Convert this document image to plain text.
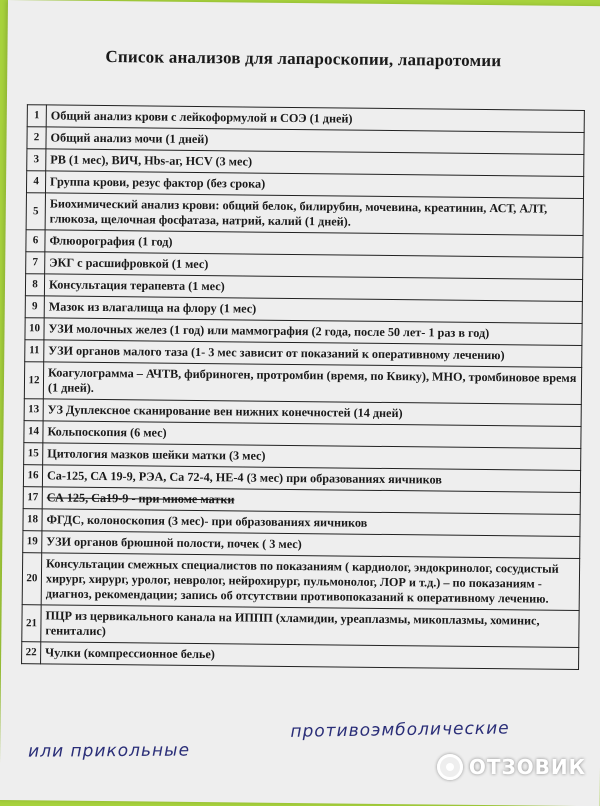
Список анализов для лапароскопии, лапаротомии
1	Общий анализ крови с лейкоформулой и СОЭ (1 дней)
2	Общий анализ мочи (1 дней)
3	РВ (1 мес), ВИЧ, Hbs-аг, HCV (3 мес)
4	Группа крови, резус фактор (без срока)
5	Биохимический анализ крови: общий белок, билирубин, мочевина, креатинин, АСТ, АЛТ, глюкоза, щелочная фосфатаза, натрий, калий (1 дней).
6	Флюорография (1 год)
7	ЭКГ с расшифровкой (1 мес)
8	Консультация терапевта (1 мес)
9	Мазок из влагалища на флору (1 мес)
10	УЗИ молочных желез (1 год) или маммография (2 года, после 50 лет- 1 раз в год)
11	УЗИ органов малого таза (1- 3 мес зависит от показаний к оперативному лечению)
12	Коагулограмма – АЧТВ, фибриноген, протромбин (время, по Квику), МНО, тромбиновое время (1 дней).
13	УЗ Дуплексное сканирование вен нижних конечностей (14 дней)
14	Кольпоскопия (6 мес)
15	Цитология мазков шейки матки (3 мес)
16	Са-125, СА 19-9, РЭА, Са 72-4, НЕ-4 (3 мес) при образованиях яичников
17	СА 125, Са19-9 - при миоме матки
18	ФГДС, колоноскопия (3 мес)- при образованиях яичников
19	УЗИ органов брюшной полости, почек ( 3 мес)
20	Консультации смежных специалистов по показаниям ( кардиолог, эндокринолог, сосудистый хирург, хирург, уролог, невролог, нейрохирург, пульмонолог, ЛОР и т.д.) – по показаниям - диагноз, рекомендации; запись об отсутствии противопоказаний к оперативному лечению.
21	ПЦР из цервикального канала на ИППП (хламидии, уреаплазмы, микоплазмы, хоминис, гениталис)
22	Чулки (компрессионное белье)
противоэмболические
или прикольные
ОТЗОВИК
